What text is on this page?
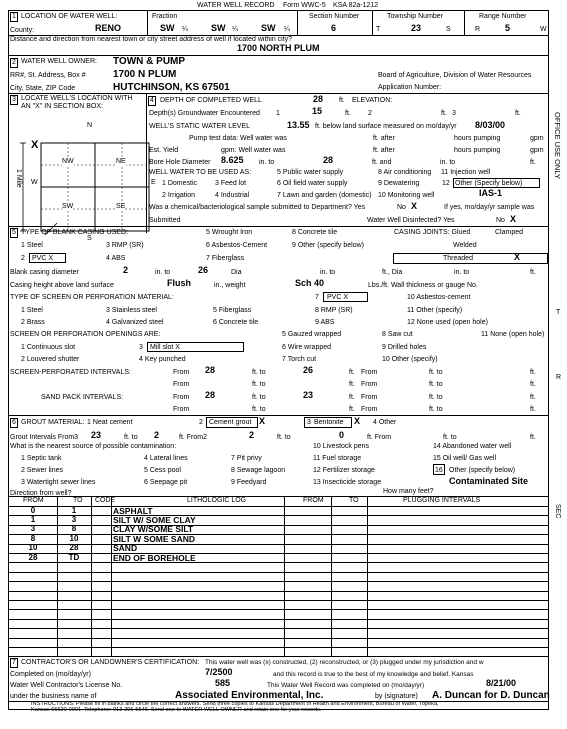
WATER WELL RECORD Form WWC-5 KSA 82a-1212
1 LOCATION OF WATER WELL:
County:	RENO
Fraction
SW ¼	SW ¼	SW ¼
Section Number
6
Township Number
T	23	S
Range Number
R	5	W
Distance and direction from nearest town or city street address of well if located within city?
1700 NORTH PLUM
2 WATER WELL OWNER: TOWN & PUMP
RR#, St. Address, Box #	1700 N PLUM	Board of Agriculture, Division of Water Resources
City, State, ZIP Code	HUTCHINSON, KS 67501	Application Number:
3 LOCATE WELL'S LOCATION WITH
AN "X" IN SECTION BOX:
X
N
S
E
W
1 Mile
NW	NE
SW	SE
4 DEPTH OF COMPLETED WELL	28 ft. ELEVATION:
Depth(s) Groundwater Encountered 1	15	ft. 2	ft. 3	ft.
WELL'S STATIC WATER LEVEL	13.55 ft. below land surface measured on mo/day/yr 8/03/00
Pump test data: Well water was	ft. after	hours pumping	gpm
Est. Yield	gpm: Well water was	ft. after	hours pumping	gpm
Bore Hole Diameter 8.625 in. to	28	ft. and	in. to	ft.
WELL WATER TO BE USED AS:	5 Public water supply	8 Air conditioning 11 Injection well
1 Domestic	3 Feed lot	6 Oil field water supply	9 Dewatering	12 Other (Specify below)
2 Irrigation	4 Industrial	7 Lawn and garden (domestic) 10 Monitoring well	IAS-1
Was a chemical/bacteriological sample submitted to Department? Yes	No X	If yes, mo/day/yr sample was
Submitted	Water Well Disinfected? Yes	No X
5 TYPE OF BLANK CASING USED:	5 Wrought Iron	8 Concrete tile	CASING JOINTS: Glued	Clamped
1 Steel	3 RMP (SR)	6 Asbestos-Cement	9 Other (specify below)	Welded
2 PVC X	4 ABS	7 Fiberglass	Threaded	X
Blank casing diameter	2	in. to	26	Dia	in. to	ft., Dia	in. to	ft.
Casing height above land surface	Flush	in., weight	Sch 40	Lbs./ft. Wall thickness or gauge No.
TYPE OF SCREEN OR PERFORATION MATERIAL:	7 PVC X	10 Asbestos-cement
1 Steel	3 Stainless steel	5 Fiberglass	8 RMP (SR)	11 Other (specify)
2 Brass	4 Galvanized steel	6 Concrete tile	9 ABS	12 None used (open hole)
SCREEN OR PERFORATION OPENINGS ARE:	5 Gauzed wrapped	8 Saw cut	11 None (open hole)
1 Continuous slot	3 Mill slot X	6 Wire wrapped	9 Drilled holes
2 Louvered shutter	4 Key punched	7 Torch cut	10 Other (specify)
SCREEN-PERFORATED INTERVALS:	From 28	ft. to	26	ft. From	ft. to	ft.
From	ft. to	ft. From	ft. to	ft.
SAND PACK INTERVALS:	From 28	ft. to	23	ft. From	ft. to	ft.
From	ft. to	ft. From	ft. to	ft.
6 GROUT MATERIAL: 1 Neat cement	2 Cement grout X	3 Bentonite X 4 Other
Grout Intervals From3 23	ft. to 2	ft. From2	2	ft. to	0	ft. From	ft. to	ft.
What is the nearest source of possible contamination:	10 Livestock pens	14 Abandoned water well
1 Septic tank	4 Lateral lines	7 Pit privy	11 Fuel storage	15 Oil well/ Gas well
2 Sewer lines	5 Cess pool	8 Sewage lagoon	12 Fertilizer storage	16 Other (specify below)
3 Watertight sewer lines	6 Seepage pit	9 Feedyard	13 Insecticide storage	Contaminated Site
Direction from well?	How many feet?
FROM	TO CODE	LITHOLOGIC LOG	FROM	TO	PLUGGING INTERVALS
0	1	ASPHALT
1	3	SILT W/ SOME CLAY
3	8	CLAY W/SOME SILT
8	10	SILT W SOME SAND
10	28	SAND
28	TD	END OF BOREHOLE
7 CONTRACTOR'S OR LANDOWNER'S CERTIFICATION: This water well was (x) constructed, (2) reconstructed, or (3) plugged under my jurisdiction and w
Completed on (mo/day/yr)	7/2500	and this record is true to the best of my knowledge and belief. Kansas
Water Well Contractor's License No.	585	This Water Well Record was completed on (mo/day/yr)	8/21/00
under the business name of	Associated Environmental, Inc.	by (signature) A. Duncan for D. Duncan
INSTRUCTIONS: Please fill in blanks and circle the correct answers. Send three copies to Kansas Department of Health and Environment, Bureau of Water, Topeka,
Kansas 66620-0001. Telephone: 913-296-5545. Send one to WATER WELL OWNER and retain one for your records.
OFFICE USE ONLY
T
R
SEC
